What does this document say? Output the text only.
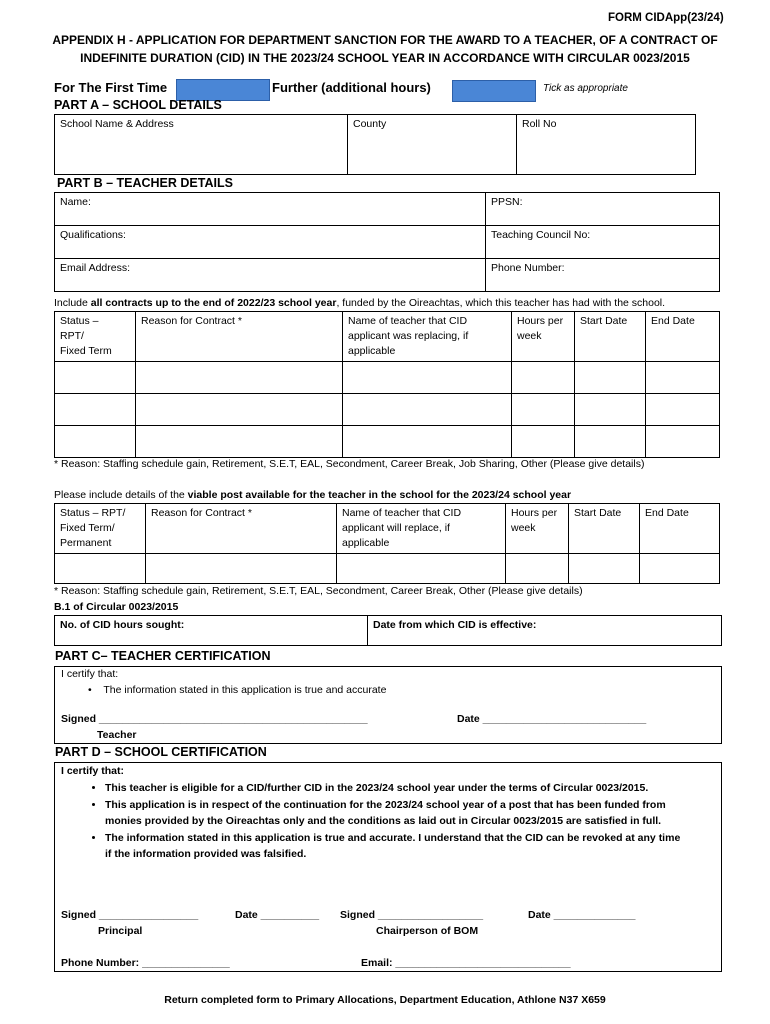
FORM CIDApp(23/24)
APPENDIX H - APPLICATION FOR DEPARTMENT SANCTION FOR THE AWARD TO A TEACHER, OF A CONTRACT OF
INDEFINITE DURATION (CID) IN THE 2023/24 SCHOOL YEAR IN ACCORDANCE WITH CIRCULAR 0023/2015
For The First Time	Further (additional hours)	Tick as appropriate
PART A – SCHOOL DETAILS
School Name & Address	County	Roll No
PART B – TEACHER DETAILS
Name:	PPSN:
Qualifications:	Teaching Council No:
Email Address:	Phone Number:
Include all contracts up to the end of 2022/23 school year, funded by the Oireachtas, which this teacher has had with the school.
Status –
RPT/
Fixed Term	Reason for Contract *	Name of teacher that CID applicant was replacing, if applicable	Hours per week	Start Date	End Date

* Reason: Staffing schedule gain, Retirement, S.E.T, EAL, Secondment, Career Break, Job Sharing, Other (Please give details)
Please include details of the viable post available for the teacher in the school for the 2023/24 school year
Status – RPT/
Fixed Term/
Permanent	Reason for Contract *	Name of teacher that CID applicant will replace, if applicable	Hours per week	Start Date	End Date

* Reason: Staffing schedule gain, Retirement, S.E.T, EAL, Secondment, Career Break, Other (Please give details)
B.1 of Circular 0023/2015
No. of CID hours sought:	Date from which CID is effective:
PART C– TEACHER CERTIFICATION
I certify that:
•    The information stated in this application is true and accurate
Signed ______________________________________________	Date ____________________________
Teacher
PART D – SCHOOL CERTIFICATION
I certify that:
• This teacher is eligible for a CID/further CID in the 2023/24 school year under the terms of Circular 0023/2015.
• This application is in respect of the continuation for the 2023/24 school year of a post that has been funded from monies provided by the Oireachtas only and the conditions as laid out in Circular 0023/2015 are satisfied in full.
• The information stated in this application is true and accurate. I understand that the CID can be revoked at any time if the information provided was falsified.
Signed _________________	Date __________ Signed __________________	Date ______________
Principal	Chairperson of BOM
Phone Number: _______________	Email: ______________________________
Return completed form to Primary Allocations, Department Education, Athlone N37 X659
